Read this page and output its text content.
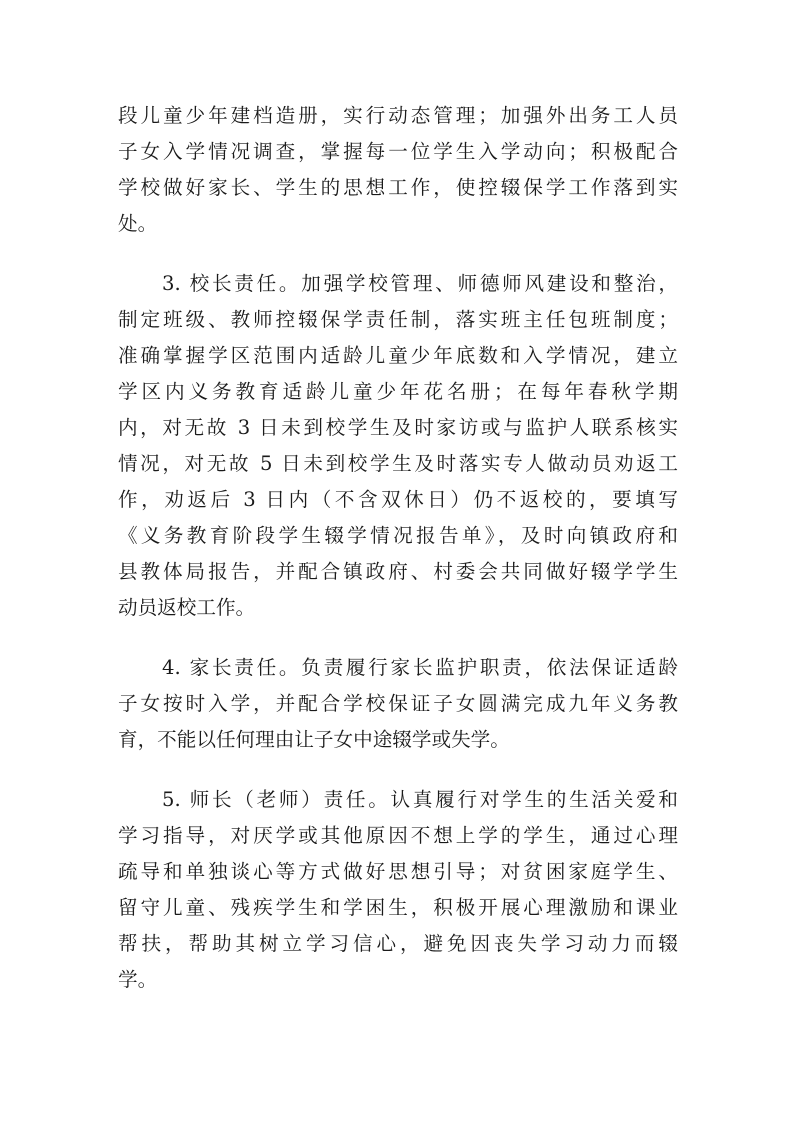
段儿童少年建档造册，实行动态管理；加强外出务工人员
子女入学情况调查，掌握每一位学生入学动向；积极配合
学校做好家长、学生的思想工作，使控辍保学工作落到实
处。
3. 校长责任。加强学校管理、师德师风建设和整治，
制定班级、教师控辍保学责任制，落实班主任包班制度；
准确掌握学区范围内适龄儿童少年底数和入学情况，建立
学区内义务教育适龄儿童少年花名册；在每年春秋学期
内，对无故 3 日未到校学生及时家访或与监护人联系核实
情况，对无故 5 日未到校学生及时落实专人做动员劝返工
作，劝返后 3 日内（不含双休日）仍不返校的，要填写
《义务教育阶段学生辍学情况报告单》，及时向镇政府和
县教体局报告，并配合镇政府、村委会共同做好辍学学生
动员返校工作。
4. 家长责任。负责履行家长监护职责，依法保证适龄
子女按时入学，并配合学校保证子女圆满完成九年义务教
育，不能以任何理由让子女中途辍学或失学。
5. 师长（老师）责任。认真履行对学生的生活关爱和
学习指导，对厌学或其他原因不想上学的学生，通过心理
疏导和单独谈心等方式做好思想引导；对贫困家庭学生、
留守儿童、残疾学生和学困生，积极开展心理激励和课业
帮扶，帮助其树立学习信心，避免因丧失学习动力而辍
学。
